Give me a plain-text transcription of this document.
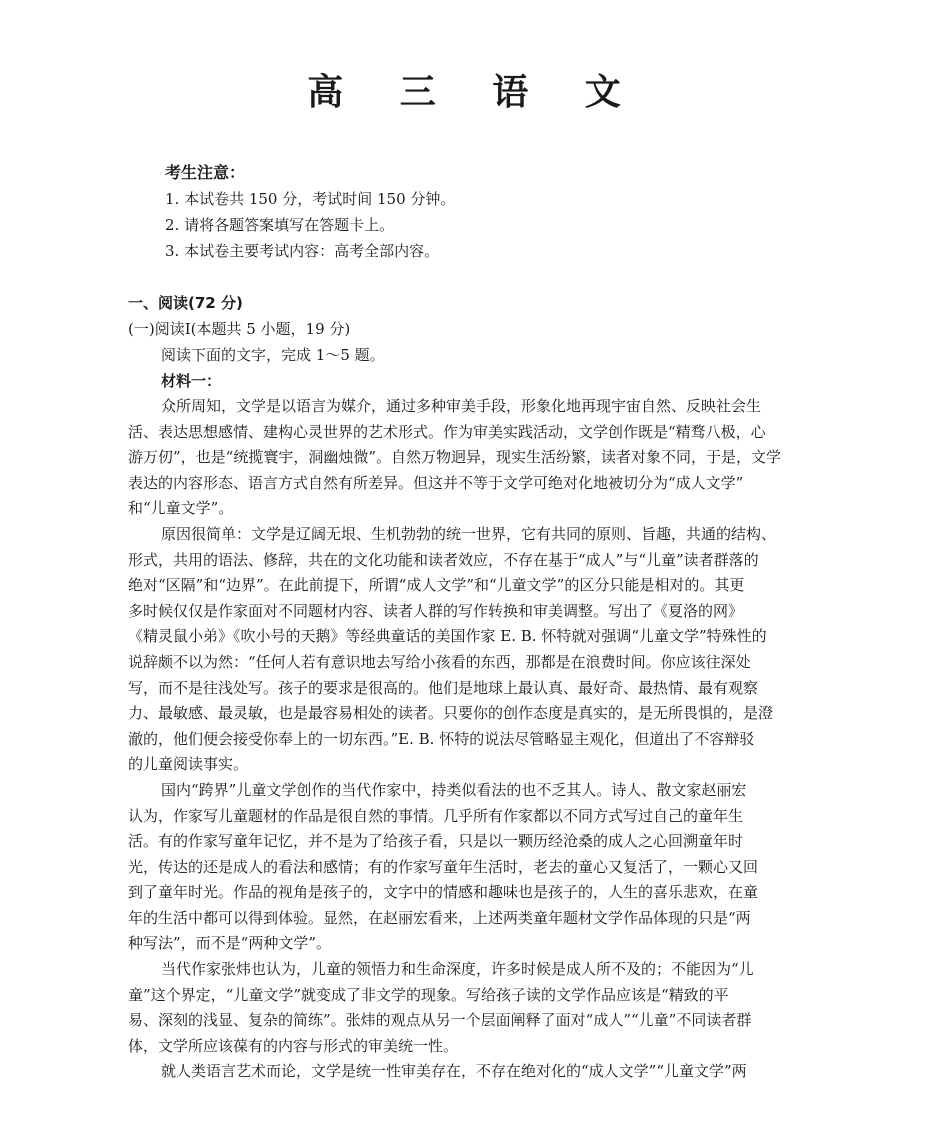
高 三 语 文
考生注意：
1. 本试卷共 150 分，考试时间 150 分钟。
2. 请将各题答案填写在答题卡上。
3. 本试卷主要考试内容：高考全部内容。
一、阅读(72 分)
(一)阅读Ⅰ(本题共 5 小题，19 分)
阅读下面的文字，完成 1～5 题。
材料一：
众所周知，文学是以语言为媒介，通过多种审美手段，形象化地再现宇宙自然、反映社会生
活、表达思想感情、建构心灵世界的艺术形式。作为审美实践活动，文学创作既是“精骛八极，心
游万仞”，也是“统揽寰宇，洞幽烛微”。自然万物迥异，现实生活纷繁，读者对象不同，于是，文学
表达的内容形态、语言方式自然有所差异。但这并不等于文学可绝对化地被切分为“成人文学”
和“儿童文学”。
原因很简单：文学是辽阔无垠、生机勃勃的统一世界，它有共同的原则、旨趣，共通的结构、
形式，共用的语法、修辞，共在的文化功能和读者效应，不存在基于“成人”与“儿童”读者群落的
绝对“区隔”和“边界”。在此前提下，所谓“成人文学”和“儿童文学”的区分只能是相对的。其更
多时候仅仅是作家面对不同题材内容、读者人群的写作转换和审美调整。写出了《夏洛的网》
《精灵鼠小弟》《吹小号的天鹅》等经典童话的美国作家 E. B. 怀特就对强调“儿童文学”特殊性的
说辞颇不以为然：“任何人若有意识地去写给小孩看的东西，那都是在浪费时间。你应该往深处
写，而不是往浅处写。孩子的要求是很高的。他们是地球上最认真、最好奇、最热情、最有观察
力、最敏感、最灵敏，也是最容易相处的读者。只要你的创作态度是真实的，是无所畏惧的，是澄
澈的，他们便会接受你奉上的一切东西。”E. B. 怀特的说法尽管略显主观化，但道出了不容辩驳
的儿童阅读事实。
国内“跨界”儿童文学创作的当代作家中，持类似看法的也不乏其人。诗人、散文家赵丽宏
认为，作家写儿童题材的作品是很自然的事情。几乎所有作家都以不同方式写过自己的童年生
活。有的作家写童年记忆，并不是为了给孩子看，只是以一颗历经沧桑的成人之心回溯童年时
光，传达的还是成人的看法和感情；有的作家写童年生活时，老去的童心又复活了，一颗心又回
到了童年时光。作品的视角是孩子的，文字中的情感和趣味也是孩子的，人生的喜乐悲欢，在童
年的生活中都可以得到体验。显然，在赵丽宏看来，上述两类童年题材文学作品体现的只是“两
种写法”，而不是“两种文学”。
当代作家张炜也认为，儿童的领悟力和生命深度，许多时候是成人所不及的；不能因为“儿
童”这个界定，“儿童文学”就变成了非文学的现象。写给孩子读的文学作品应该是“精致的平
易、深刻的浅显、复杂的简练”。张炜的观点从另一个层面阐释了面对“成人”“儿童”不同读者群
体，文学所应该葆有的内容与形式的审美统一性。
就人类语言艺术而论，文学是统一性审美存在，不存在绝对化的“成人文学”“儿童文学”两
